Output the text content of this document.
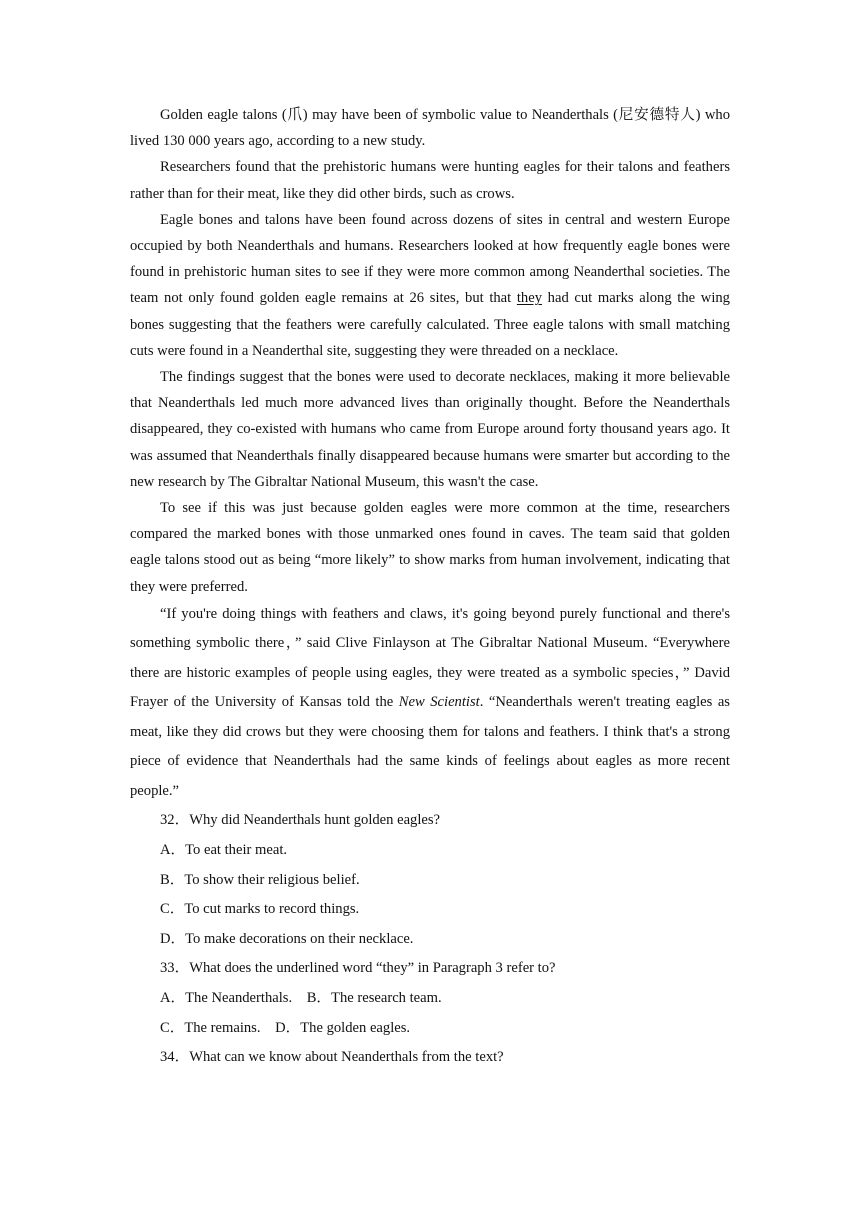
Golden eagle talons (爪) may have been of symbolic value to Neanderthals (尼安德特人) who lived 130 000 years ago, according to a new study.

Researchers found that the prehistoric humans were hunting eagles for their talons and feathers rather than for their meat, like they did other birds, such as crows.

Eagle bones and talons have been found across dozens of sites in central and western Europe occupied by both Neanderthals and humans. Researchers looked at how frequently eagle bones were found in prehistoric human sites to see if they were more common among Neanderthal societies. The team not only found golden eagle remains at 26 sites, but that they had cut marks along the wing bones suggesting that the feathers were carefully calculated. Three eagle talons with small matching cuts were found in a Neanderthal site, suggesting they were threaded on a necklace.

The findings suggest that the bones were used to decorate necklaces, making it more believable that Neanderthals led much more advanced lives than originally thought. Before the Neanderthals disappeared, they co-existed with humans who came from Europe around forty thousand years ago. It was assumed that Neanderthals finally disappeared because humans were smarter but according to the new research by The Gibraltar National Museum, this wasn't the case.

To see if this was just because golden eagles were more common at the time, researchers compared the marked bones with those unmarked ones found in caves. The team said that golden eagle talons stood out as being “more likely” to show marks from human involvement, indicating that they were preferred.

“If you're doing things with feathers and claws, it's going beyond purely functional and there's something symbolic there，” said Clive Finlayson at The Gibraltar National Museum. “Everywhere there are historic examples of people using eagles, they were treated as a symbolic species，” David Frayer of the University of Kansas told the New Scientist. “Neanderthals weren't treating eagles as meat, like they did crows but they were choosing them for talons and feathers. I think that's a strong piece of evidence that Neanderthals had the same kinds of feelings about eagles as more recent people.”

32．Why did Neanderthals hunt golden eagles?

A．To eat their meat.

B．To show their religious belief.

C．To cut marks to record things.

D．To make decorations on their necklace.

33．What does the underlined word “they” in Paragraph 3 refer to?

A．The Neanderthals.　B．The research team.

C．The remains.　D．The golden eagles.

34．What can we know about Neanderthals from the text?
